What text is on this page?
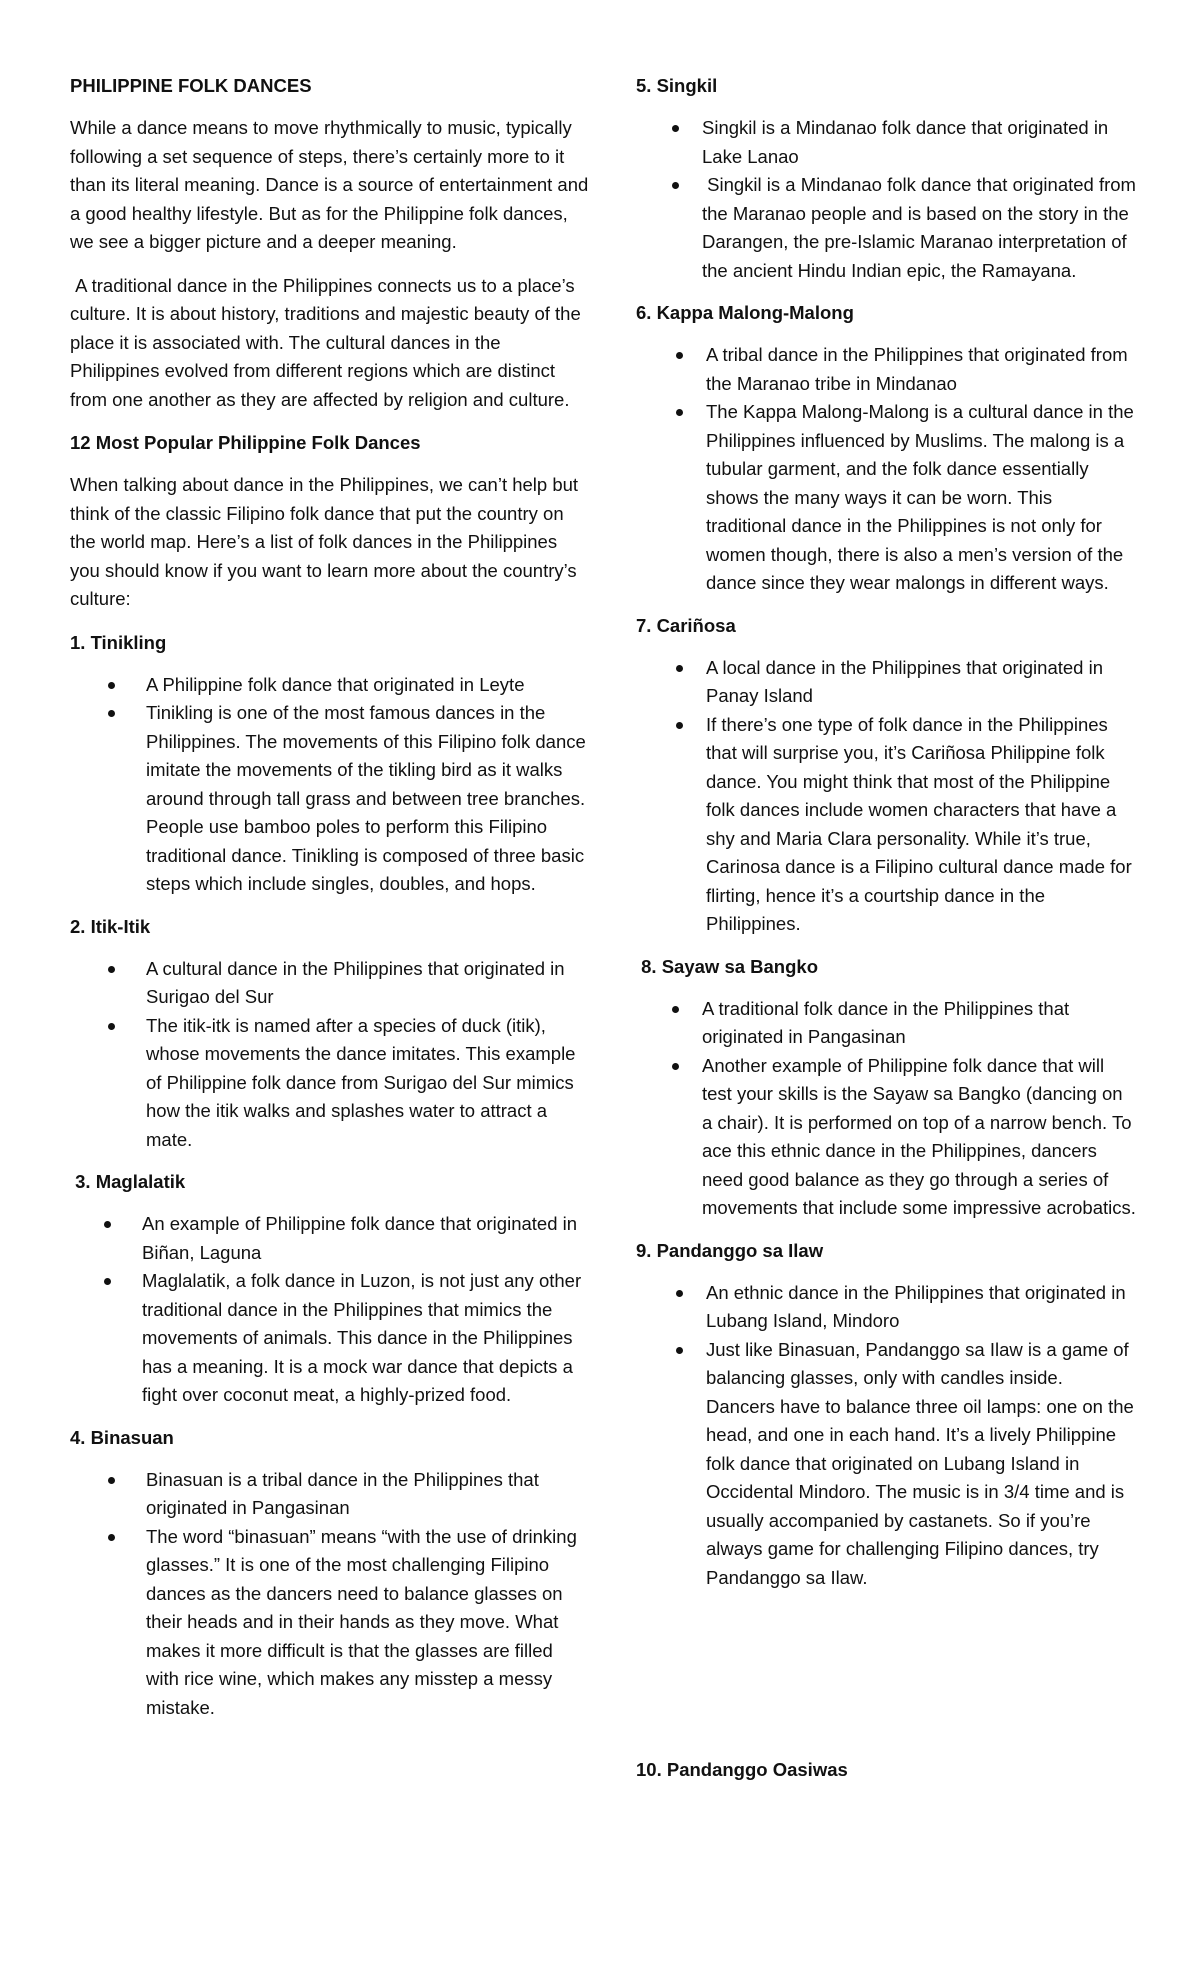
PHILIPPINE FOLK DANCES

While a dance means to move rhythmically to music, typically following a set sequence of steps, there’s certainly more to it than its literal meaning. Dance is a source of entertainment and a good healthy lifestyle. But as for the Philippine folk dances, we see a bigger picture and a deeper meaning.

A traditional dance in the Philippines connects us to a place’s culture. It is about history, traditions and majestic beauty of the place it is associated with. The cultural dances in the Philippines evolved from different regions which are distinct from one another as they are affected by religion and culture.

12 Most Popular Philippine Folk Dances

When talking about dance in the Philippines, we can’t help but think of the classic Filipino folk dance that put the country on the world map. Here’s a list of folk dances in the Philippines you should know if you want to learn more about the country’s culture:

1. Tinikling
A Philippine folk dance that originated in Leyte
Tinikling is one of the most famous dances in the Philippines. The movements of this Filipino folk dance imitate the movements of the tikling bird as it walks around through tall grass and between tree branches. People use bamboo poles to perform this Filipino traditional dance. Tinikling is composed of three basic steps which include singles, doubles, and hops.
2. Itik-Itik
A cultural dance in the Philippines that originated in Surigao del Sur
The itik-itk is named after a species of duck (itik), whose movements the dance imitates. This example of Philippine folk dance from Surigao del Sur mimics how the itik walks and splashes water to attract a mate.
3. Maglalatik
An example of Philippine folk dance that originated in Biñan, Laguna
Maglalatik, a folk dance in Luzon, is not just any other traditional dance in the Philippines that mimics the movements of animals. This dance in the Philippines has a meaning. It is a mock war dance that depicts a fight over coconut meat, a highly-prized food.
4. Binasuan
Binasuan is a tribal dance in the Philippines that originated in Pangasinan
The word “binasuan” means “with the use of drinking glasses.” It is one of the most challenging Filipino dances as the dancers need to balance glasses on their heads and in their hands as they move. What makes it more difficult is that the glasses are filled with rice wine, which makes any misstep a messy mistake.
5. Singkil
Singkil is a Mindanao folk dance that originated in Lake Lanao
Singkil is a Mindanao folk dance that originated from the Maranao people and is based on the story in the Darangen, the pre-Islamic Maranao interpretation of the ancient Hindu Indian epic, the Ramayana.
6. Kappa Malong-Malong
A tribal dance in the Philippines that originated from the Maranao tribe in Mindanao
The Kappa Malong-Malong is a cultural dance in the Philippines influenced by Muslims. The malong is a tubular garment, and the folk dance essentially shows the many ways it can be worn. This traditional dance in the Philippines is not only for women though, there is also a men’s version of the dance since they wear malongs in different ways.
7. Cariñosa
A local dance in the Philippines that originated in Panay Island
If there’s one type of folk dance in the Philippines that will surprise you, it’s Cariñosa Philippine folk dance. You might think that most of the Philippine folk dances include women characters that have a shy and Maria Clara personality. While it’s true, Carinosa dance is a Filipino cultural dance made for flirting, hence it’s a courtship dance in the Philippines.
8. Sayaw sa Bangko
A traditional folk dance in the Philippines that originated in Pangasinan
Another example of Philippine folk dance that will test your skills is the Sayaw sa Bangko (dancing on a chair). It is performed on top of a narrow bench. To ace this ethnic dance in the Philippines, dancers need good balance as they go through a series of movements that include some impressive acrobatics.
9. Pandanggo sa Ilaw
An ethnic dance in the Philippines that originated in Lubang Island, Mindoro
Just like Binasuan, Pandanggo sa Ilaw is a game of balancing glasses, only with candles inside. Dancers have to balance three oil lamps: one on the head, and one in each hand. It’s a lively Philippine folk dance that originated on Lubang Island in Occidental Mindoro. The music is in 3/4 time and is usually accompanied by castanets. So if you’re always game for challenging Filipino dances, try Pandanggo sa Ilaw.
10. Pandanggo Oasiwas
